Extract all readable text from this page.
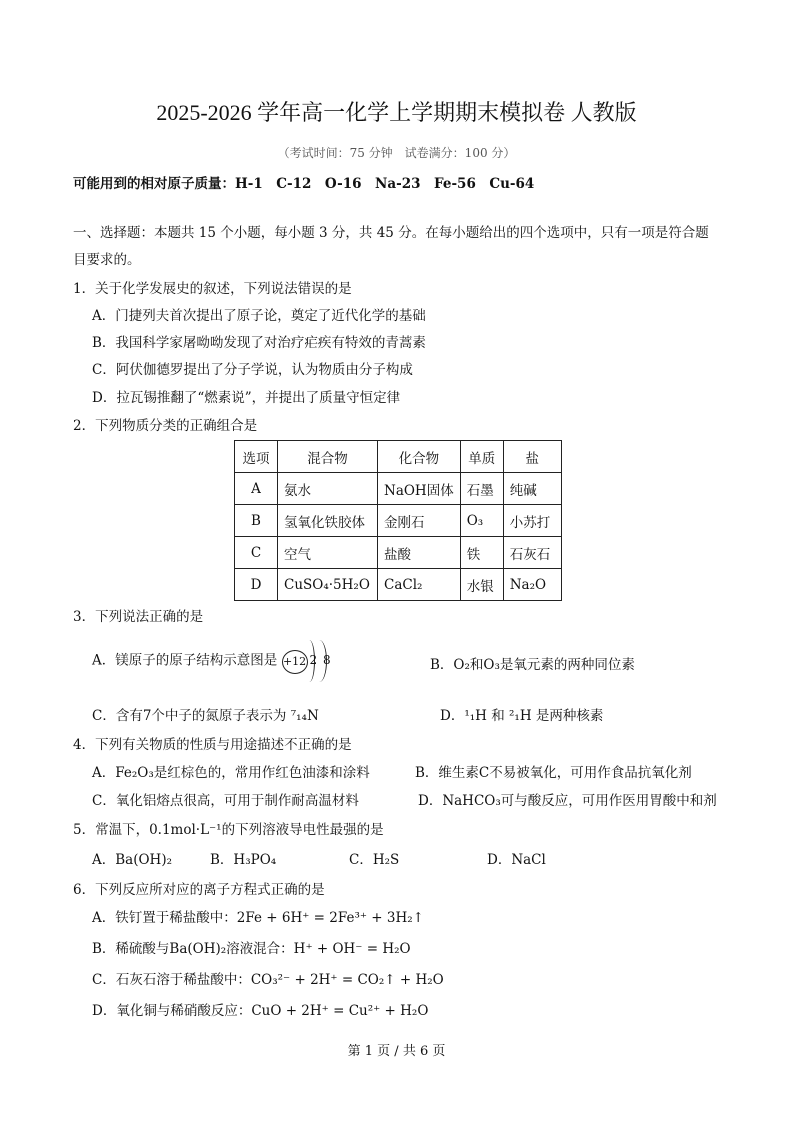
2025-2026 学年高一化学上学期期末模拟卷 人教版
（考试时间：75 分钟　试卷满分：100 分）
可能用到的相对原子质量：H-1　C-12　O-16　Na-23　Fe-56　Cu-64
一、选择题：本题共 15 个小题，每小题 3 分，共 45 分。在每小题给出的四个选项中，只有一项是符合题
目要求的。
1．关于化学发展史的叙述，下列说法错误的是
A．门捷列夫首次提出了原子论，奠定了近代化学的基础
B．我国科学家屠呦呦发现了对治疗疟疾有特效的青蒿素
C．阿伏伽德罗提出了分子学说，认为物质由分子构成
D．拉瓦锡推翻了“燃素说”，并提出了质量守恒定律
2．下列物质分类的正确组合是
选项	混合物	化合物	单质	盐
A	氨水	NaOH固体	石墨	纯碱
B	氢氧化铁胶体	金刚石	O₃	小苏打
C	空气	盐酸	铁	石灰石
D	CuSO₄·5H₂O	CaCl₂	水银	Na₂O
3．下列说法正确的是
A．镁原子的原子结构示意图是 +12 2 8	B．O₂和O₃是氧元素的两种同位素
C．含有7个中子的氮原子表示为 ⁷₁₄N	D．¹₁H 和 ²₁H 是两种核素
4．下列有关物质的性质与用途描述不正确的是
A．Fe₂O₃是红棕色的，常用作红色油漆和涂料	B．维生素C不易被氧化，可用作食品抗氧化剂
C．氧化铝熔点很高，可用于制作耐高温材料	D．NaHCO₃可与酸反应，可用作医用胃酸中和剂
5．常温下，0.1mol·L⁻¹的下列溶液导电性最强的是
A．Ba(OH)₂	B．H₃PO₄	C．H₂S	D．NaCl
6．下列反应所对应的离子方程式正确的是
A．铁钉置于稀盐酸中：2Fe + 6H⁺ = 2Fe³⁺ + 3H₂↑
B．稀硫酸与Ba(OH)₂溶液混合：H⁺ + OH⁻ = H₂O
C．石灰石溶于稀盐酸中：CO₃²⁻ + 2H⁺ = CO₂↑ + H₂O
D．氧化铜与稀硝酸反应：CuO + 2H⁺ = Cu²⁺ + H₂O
第 1 页 / 共 6 页
